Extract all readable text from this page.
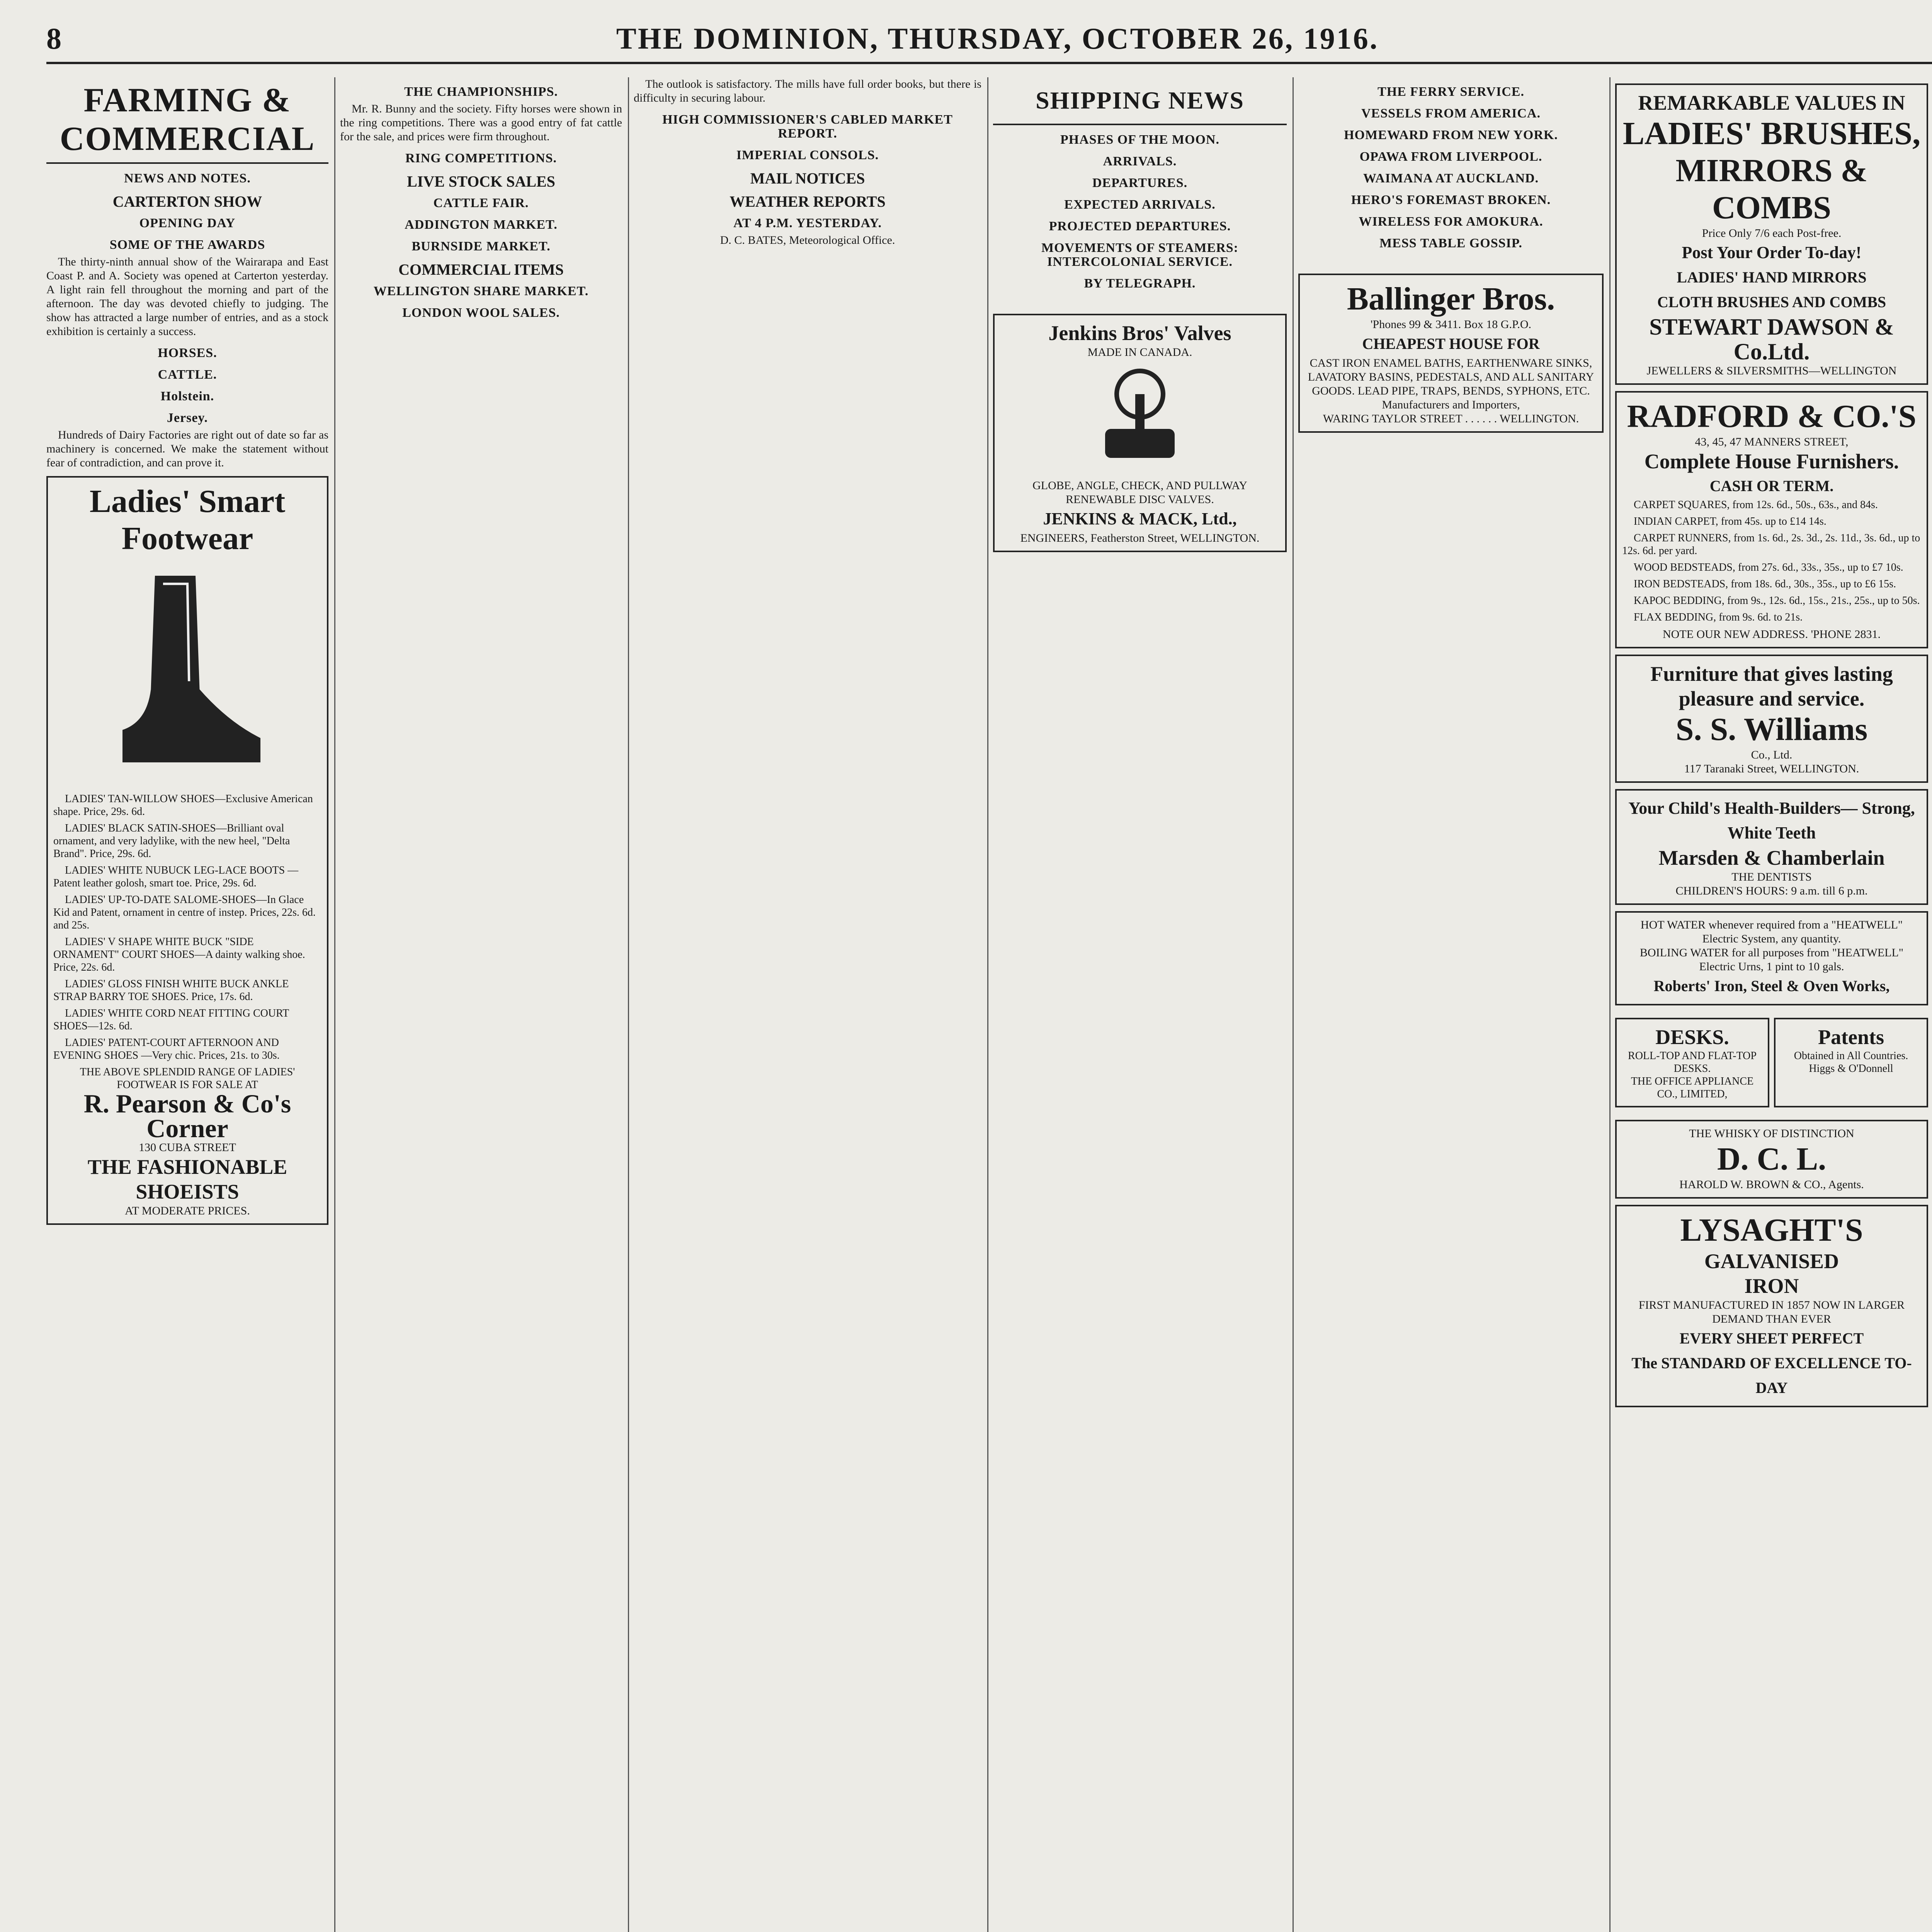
8	THE DOMINION, THURSDAY, OCTOBER 26, 1916.
FARMING & COMMERCIAL
NEWS AND NOTES.
CARTERTON SHOW
OPENING DAY
SOME OF THE AWARDS

The thirty-ninth annual show of the Wairarapa and East Coast P. and A. Society was opened at Carterton yesterday. A light rain fell throughout the morning and part of the afternoon. The day was devoted chiefly to judging. The show has attracted a large number of entries, and as a stock exhibition is certainly a success.

HORSES.
CATTLE.
Holstein.
Jersey.

Hundreds of Dairy Factories are right out of date so far as machinery is concerned. We make the statement without fear of contradiction, and can prove it.

Ladies' Smart Footwear

LADIES' TAN-WILLOW SHOES—Exclusive American shape. Price, 29s. 6d.

LADIES' BLACK SATIN-SHOES—Brilliant oval ornament, and very ladylike, with the new heel, "Delta Brand". Price, 29s. 6d.

LADIES' WHITE NUBUCK LEG-LACE BOOTS — Patent leather golosh, smart toe. Price, 29s. 6d.

LADIES' UP-TO-DATE SALOME-SHOES—In Glace Kid and Patent, ornament in centre of instep. Prices, 22s. 6d. and 25s.

LADIES' V SHAPE WHITE BUCK "SIDE ORNAMENT" COURT SHOES—A dainty walking shoe. Price, 22s. 6d.

LADIES' GLOSS FINISH WHITE BUCK ANKLE STRAP BARRY TOE SHOES. Price, 17s. 6d.

LADIES' WHITE CORD NEAT FITTING COURT SHOES—12s. 6d.

LADIES' PATENT-COURT AFTERNOON AND EVENING SHOES —Very chic. Prices, 21s. to 30s.

THE ABOVE SPLENDID RANGE OF LADIES' FOOTWEAR IS FOR SALE AT
R. Pearson & Co's Corner
130 CUBA STREET
THE FASHIONABLE SHOEISTS
AT MODERATE PRICES.
THE CHAMPIONSHIPS.

Mr. R. Bunny and the society. Fifty horses were shown in the ring competitions. There was a good entry of fat cattle for the sale, and prices were firm throughout.

RING COMPETITIONS.
LIVE STOCK SALES
CATTLE FAIR.
ADDINGTON MARKET.
BURNSIDE MARKET.
COMMERCIAL ITEMS
WELLINGTON SHARE MARKET.
LONDON WOOL SALES.

The outlook is satisfactory. The mills have full order books, but there is difficulty in securing labour.

HIGH COMMISSIONER'S CABLED MARKET REPORT.
IMPERIAL CONSOLS.
MAIL NOTICES
WEATHER REPORTS
AT 4 P.M. YESTERDAY.

D. C. BATES, Meteorological Office.

SHIPPING NEWS
PHASES OF THE MOON.
ARRIVALS.
DEPARTURES.
EXPECTED ARRIVALS.
PROJECTED DEPARTURES.
MOVEMENTS OF STEAMERS: INTERCOLONIAL SERVICE.
BY TELEGRAPH.
Jenkins Bros' Valves
MADE IN CANADA.
GLOBE, ANGLE, CHECK, AND PULLWAY RENEWABLE DISC VALVES.
JENKINS & MACK, Ltd.,
ENGINEERS, Featherston Street, WELLINGTON.
THE FERRY SERVICE.
VESSELS FROM AMERICA.
HOMEWARD FROM NEW YORK.
OPAWA FROM LIVERPOOL.
WAIMANA AT AUCKLAND.
HERO'S FOREMAST BROKEN.
WIRELESS FOR AMOKURA.
MESS TABLE GOSSIP.
Ballinger Bros.
'Phones 99 & 3411. Box 18 G.P.O.
CHEAPEST HOUSE FOR
CAST IRON ENAMEL BATHS, EARTHENWARE SINKS, LAVATORY BASINS, PEDESTALS, AND ALL SANITARY GOODS. LEAD PIPE, TRAPS, BENDS, SYPHONS, ETC.
Manufacturers and Importers,
WARING TAYLOR STREET . . . . . . WELLINGTON.
REMARKABLE VALUES IN
LADIES' BRUSHES, MIRRORS & COMBS
Price Only 7/6 each Post-free.
Post Your Order To-day!
LADIES' HAND MIRRORS
CLOTH BRUSHES AND COMBS
STEWART DAWSON & Co.Ltd.
JEWELLERS & SILVERSMITHS—WELLINGTON
RADFORD & CO.'S
43, 45, 47 MANNERS STREET,
Complete House Furnishers.
CASH OR TERM.

CARPET SQUARES, from 12s. 6d., 50s., 63s., and 84s.

INDIAN CARPET, from 45s. up to £14 14s.

CARPET RUNNERS, from 1s. 6d., 2s. 3d., 2s. 11d., 3s. 6d., up to 12s. 6d. per yard.

WOOD BEDSTEADS, from 27s. 6d., 33s., 35s., up to £7 10s.

IRON BEDSTEADS, from 18s. 6d., 30s., 35s., up to £6 15s.

KAPOC BEDDING, from 9s., 12s. 6d., 15s., 21s., 25s., up to 50s.

FLAX BEDDING, from 9s. 6d. to 21s.

NOTE OUR NEW ADDRESS. 'PHONE 2831.
Furniture that gives lasting pleasure and service.
S. S. Williams
Co., Ltd.
117 Taranaki Street, WELLINGTON.
Your Child's Health-Builders— Strong, White Teeth
Marsden & Chamberlain
THE DENTISTS
CHILDREN'S HOURS: 9 a.m. till 6 p.m.
HOT WATER whenever required from a "HEATWELL" Electric System, any quantity.
BOILING WATER for all purposes from "HEATWELL" Electric Urns, 1 pint to 10 gals.
Roberts' Iron, Steel & Oven Works,
DESKS.
ROLL-TOP AND FLAT-TOP DESKS.
THE OFFICE APPLIANCE CO., LIMITED,
Patents
Obtained in All Countries.
Higgs & O'Donnell
THE WHISKY OF DISTINCTION
D. C. L.
HAROLD W. BROWN & CO., Agents.
LYSAGHT'S
GALVANISED
IRON
FIRST MANUFACTURED IN 1857 NOW IN LARGER DEMAND THAN EVER
EVERY SHEET PERFECT
The STANDARD OF EXCELLENCE TO-DAY
